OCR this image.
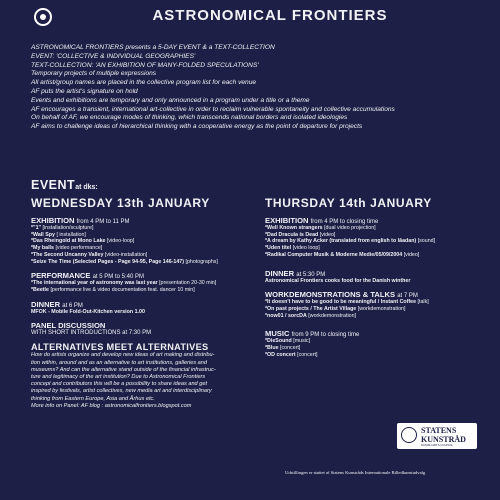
ASTRONOMICAL FRONTIERS
ASTRONOMICAL FRONTIERS presents a 5-DAY EVENT & a TEXT-COLLECTION
EVENT: 'COLLECTIVE & INDIVIDUAL GEOGRAPHIES'
TEXT-COLLECTION: 'AN EXHIBITION OF MANY-FOLDED SPECULATIONS'
Temporary projects of multiple expressions
All artist/group names are placed in the collective program list for each venue
AF puts the artist's signature on hold
Events and exhibitions are temporary and only announced in a program under a title or a theme
AF encourages a transient, international art-collective in order to reclaim vulnerable spontaneity and collective accumulations
On behalf of AF, we encourage modes of thinking, which transcends national borders and isolated ideologies
AF aims to challenge ideas of hierarchical thinking with a cooperative energy as the point of departure for projects
EVENTat dks:
WEDNESDAY 13th JANUARY
EXHIBITION from 4 PM to 11 PM
*"1" [installation/sculpture]
*Wall Spy [ installation]
*Das Rheingold at Mono Lake [video-loop]
*My balls [video performance]
*The Second Uncanny Valley [video-installation]
*Seize The Time (Selected Pages - Page 94-95, Page 146-147) [photographs]
PERFORMANCE at 5 PM to 5:40 PM
*The international year of astronomy was last year [presentation 20-30 min]
*Beetle [performance live & video documentation feat. dancer 10 min]
DINNER at 6 PM
MFOK - Mobile Fold-Out-Kitchen version 1.00
PANEL DISCUSSION
WITH SHORT INTRODUCTIONS at 7:30 PM
ALTERNATIVES MEET ALTERNATIVES
How do artists organize and develop new ideas of art making and distribu-
tion within, around and as an alternative to art institutions, galleries and
museums? And can the alternative stand outside of the financial infrastruc-
ture and legitimacy of the art institution? Due to Astronomical Frontiers
concept and contributors this will be a possibility to share ideas and get
inspired by festivals, artist collectives, new media art and interdisciplinary
thinking from Eastern Europe, Asia and Århus etc.
More info on Panel: AF blog : astronomicalfrontiers.blogspot.com
THURSDAY 14th JANUARY
EXHIBITION from 4 PM to closing time
*Well Known strangers [dual video projection]
*Dad Dracula is Dead [video]
*A dream by Kathy Acker (translated from english to lâadan) [sound]
*Uden titel [video loop]
*Radikal Computer Musik & Moderne Medie/05/09/2004 [video]
DINNER at 5:30 PM
Astronomical Frontiers cooks food for the Danish winther
WORKDEMONSTRATIONS & TALKS at 7 PM
*It doesn't have to be good to be meaningful / Instant Coffee [talk]
*On past projects / The Artist Village [workdemonstration]
*now01 / sorcDA [workdemonstration]
MUSIC from 9 PM to closing time
*DieSound [music]
*Blue [concert]
*OD concert [concert]
STATENS
KUNSTRÅD
DANISH ARTS COUNCIL
Udstillingen er støttet af Statens Kunstråds Internationale Billedkunstudvalg
